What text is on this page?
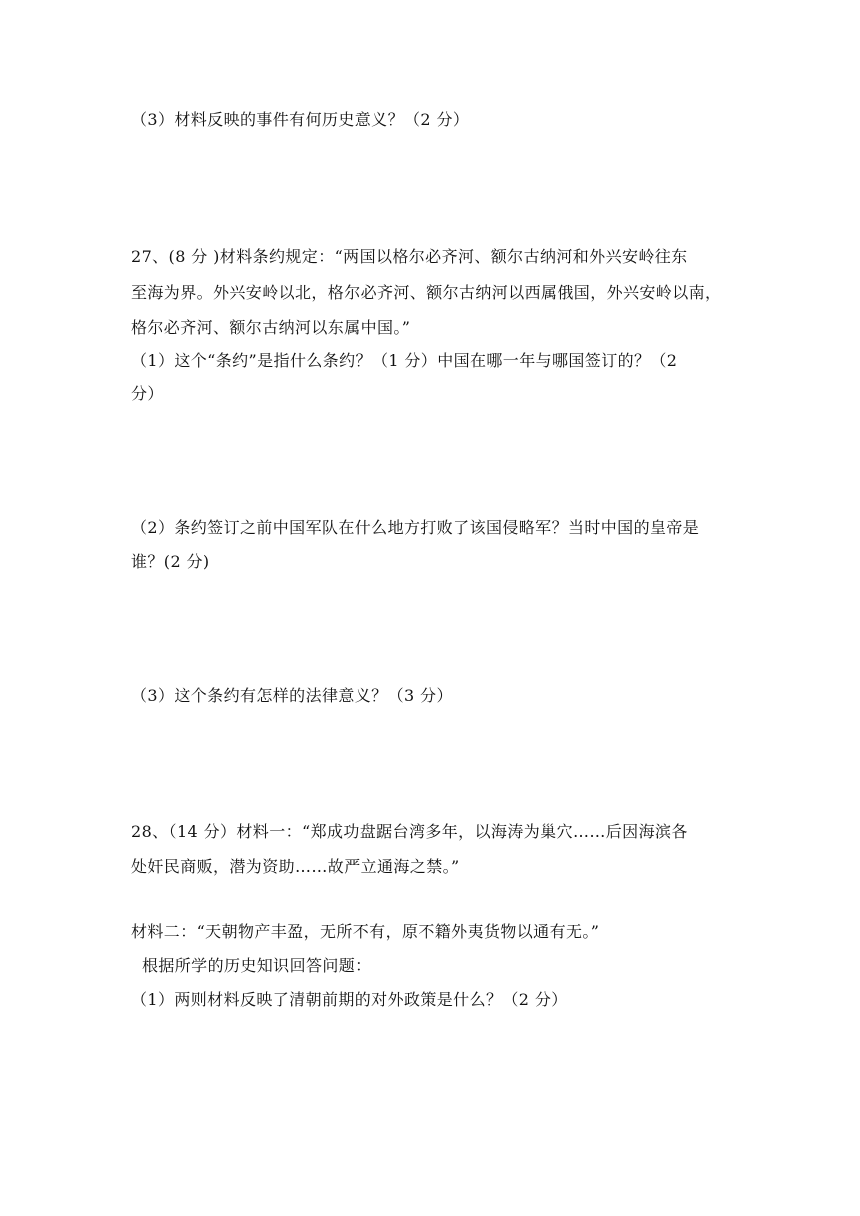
（3）材料反映的事件有何历史意义？（2 分）
27、(8 分 )材料条约规定：“两国以格尔必齐河、额尔古纳河和外兴安岭往东
至海为界。外兴安岭以北，格尔必齐河、额尔古纳河以西属俄国，外兴安岭以南，
格尔必齐河、额尔古纳河以东属中国。”
（1）这个“条约”是指什么条约？（1 分）中国在哪一年与哪国签订的？（2
分）
（2）条约签订之前中国军队在什么地方打败了该国侵略军？当时中国的皇帝是
谁？(2 分)
（3）这个条约有怎样的法律意义？（3 分）
28、（14 分）材料一：“郑成功盘踞台湾多年，以海涛为巢穴……后因海滨各
处奸民商贩，潜为资助……故严立通海之禁。”
材料二：“天朝物产丰盈，无所不有，原不籍外夷货物以通有无。”
根据所学的历史知识回答问题：
（1）两则材料反映了清朝前期的对外政策是什么？（2 分）
